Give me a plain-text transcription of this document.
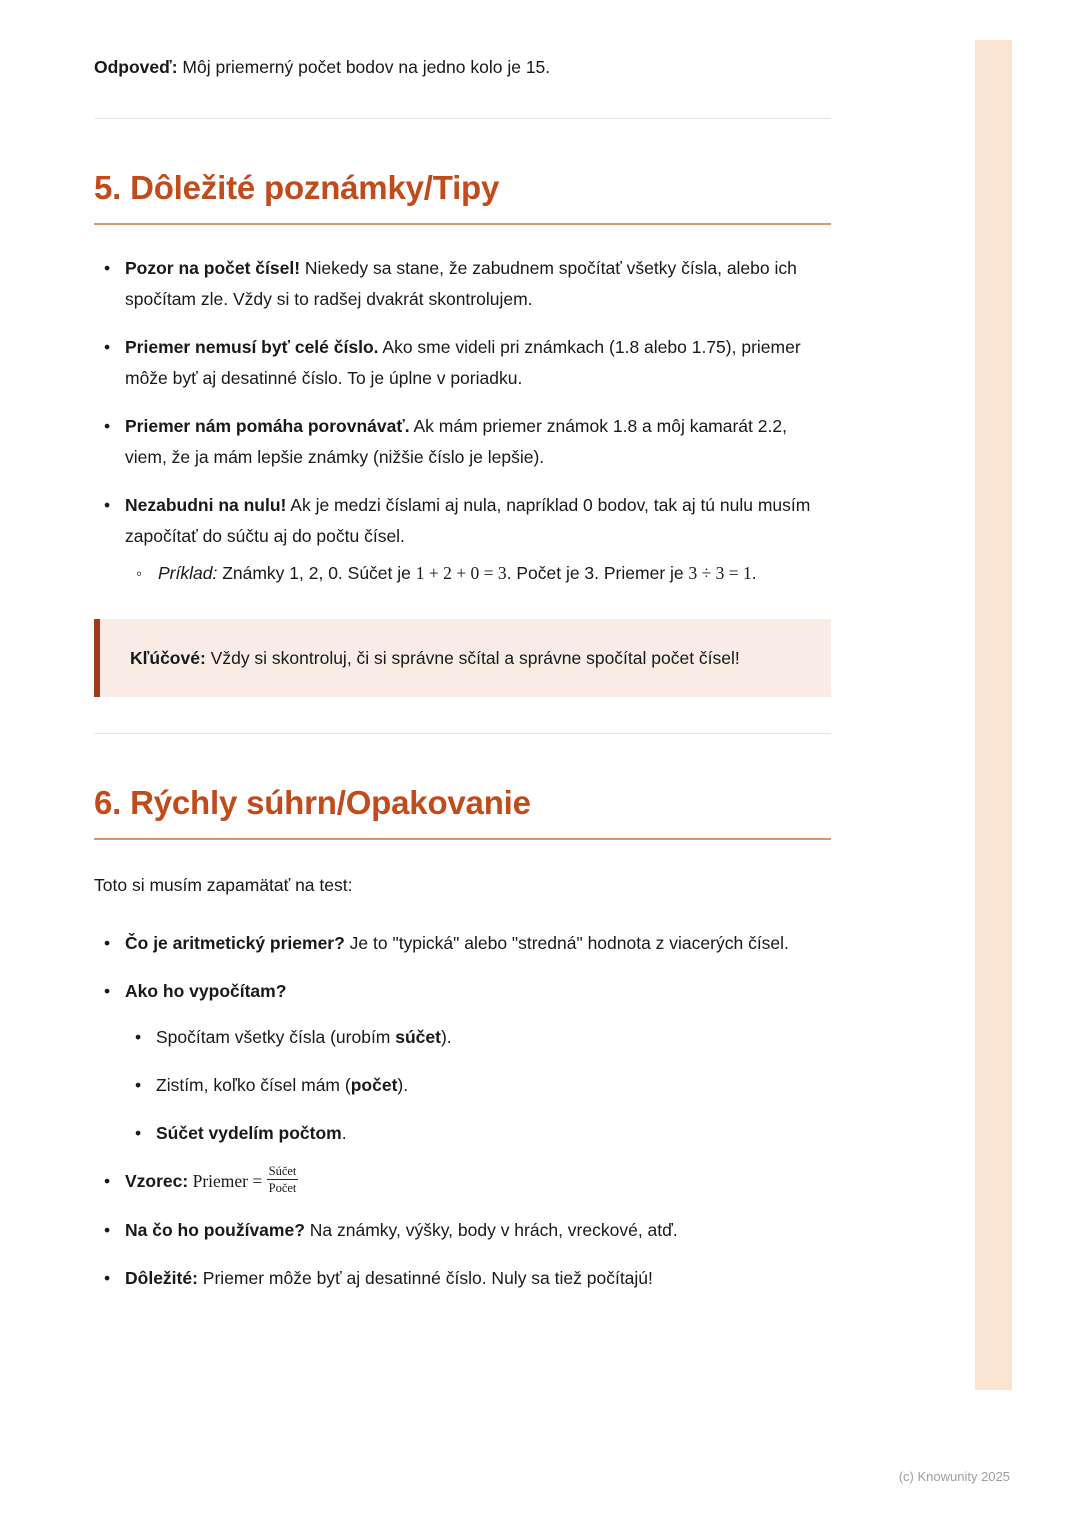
Odpoveď: Môj priemerný počet bodov na jedno kolo je 15.

5. Dôležité poznámky/Tipy
• Pozor na počet čísel! Niekedy sa stane, že zabudnem spočítať všetky čísla, alebo ich spočítam zle. Vždy si to radšej dvakrát skontrolujem.
• Priemer nemusí byť celé číslo. Ako sme videli pri známkach (1.8 alebo 1.75), priemer môže byť aj desatinné číslo. To je úplne v poriadku.
• Priemer nám pomáha porovnávať. Ak mám priemer známok 1.8 a môj kamarát 2.2, viem, že ja mám lepšie známky (nižšie číslo je lepšie).
• Nezabudni na nulu! Ak je medzi číslami aj nula, napríklad 0 bodov, tak aj tú nulu musím započítať do súčtu aj do počtu čísel.
◦ Príklad: Známky 1, 2, 0. Súčet je 1 + 2 + 0 = 3. Počet je 3. Priemer je 3 ÷ 3 = 1.

Kľúčové: Vždy si skontroluj, či si správne sčítal a správne spočítal počet čísel!

6. Rýchly súhrn/Opakovanie

Toto si musím zapamätať na test:

• Čo je aritmetický priemer? Je to "typická" alebo "stredná" hodnota z viacerých čísel.
• Ako ho vypočítam?
• Spočítam všetky čísla (urobím súčet).
• Zistím, koľko čísel mám (počet).
• Súčet vydelím počtom.
• Vzorec: Priemer = $\frac{\text{Súčet}}{\text{Počet}}$
• Na čo ho používame? Na známky, výšky, body v hrách, vreckové, atď.
• Dôležité: Priemer môže byť aj desatinné číslo. Nuly sa tiež počítajú!
(c) Knowunity 2025
